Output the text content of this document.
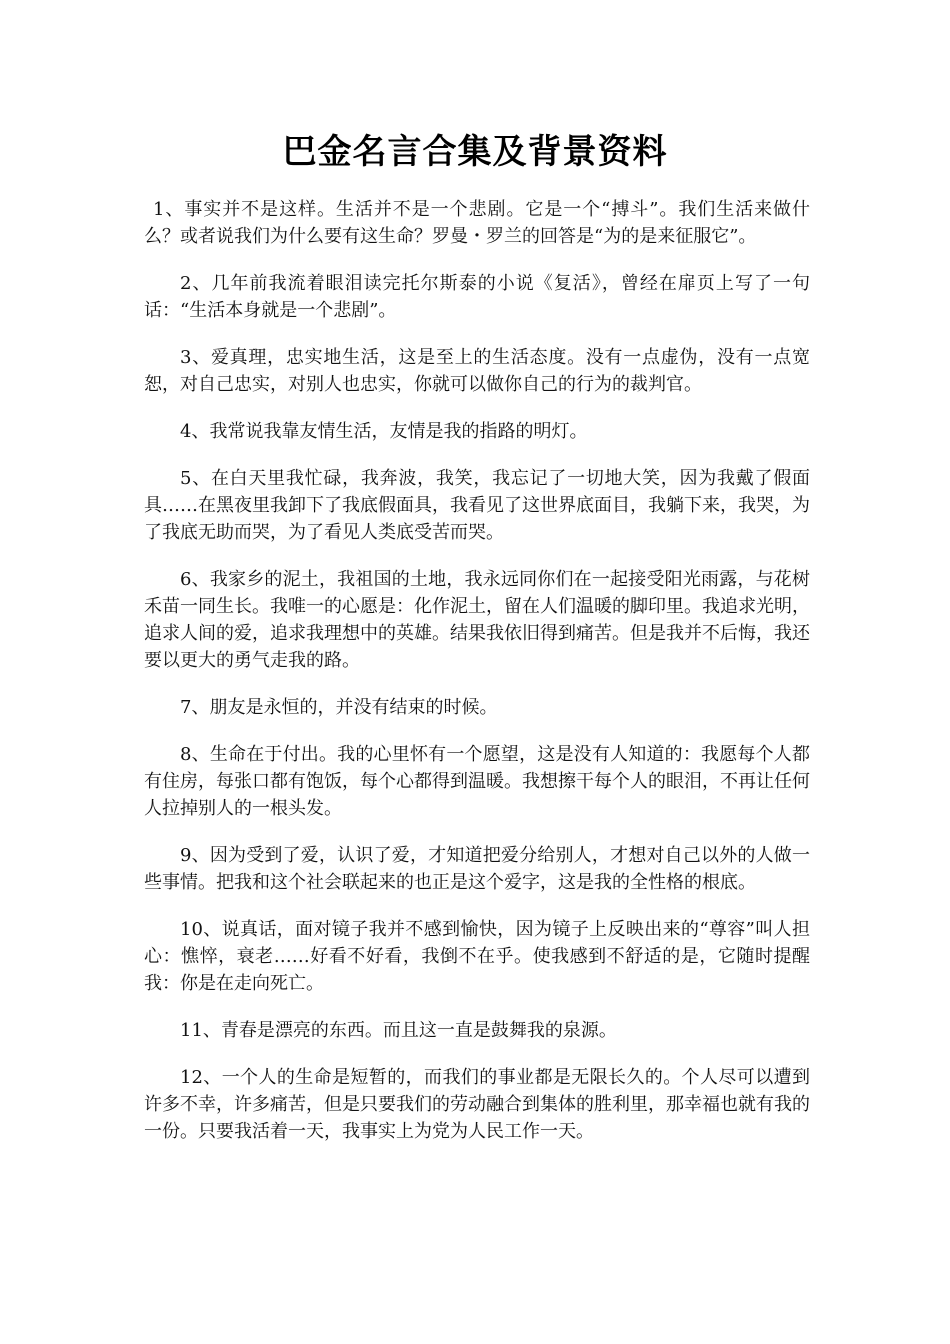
巴金名言合集及背景资料

1、事实并不是这样。生活并不是一个悲剧。它是一个“搏斗”。我们生活来做什么？或者说我们为什么要有这生命？罗曼・罗兰的回答是“为的是来征服它”。

2、几年前我流着眼泪读完托尔斯泰的小说《复活》，曾经在扉页上写了一句话：“生活本身就是一个悲剧”。

3、爱真理，忠实地生活，这是至上的生活态度。没有一点虚伪，没有一点宽恕，对自己忠实，对别人也忠实，你就可以做你自己的行为的裁判官。

4、我常说我靠友情生活，友情是我的指路的明灯。

5、在白天里我忙碌，我奔波，我笑，我忘记了一切地大笑，因为我戴了假面具……在黑夜里我卸下了我底假面具，我看见了这世界底面目，我躺下来，我哭，为了我底无助而哭，为了看见人类底受苦而哭。

6、我家乡的泥土，我祖国的土地，我永远同你们在一起接受阳光雨露，与花树禾苗一同生长。我唯一的心愿是：化作泥土，留在人们温暖的脚印里。我追求光明，追求人间的爱，追求我理想中的英雄。结果我依旧得到痛苦。但是我并不后悔，我还要以更大的勇气走我的路。

7、朋友是永恒的，并没有结束的时候。

8、生命在于付出。我的心里怀有一个愿望，这是没有人知道的：我愿每个人都有住房，每张口都有饱饭，每个心都得到温暖。我想擦干每个人的眼泪，不再让任何人拉掉别人的一根头发。

9、因为受到了爱，认识了爱，才知道把爱分给别人，才想对自己以外的人做一些事情。把我和这个社会联起来的也正是这个爱字，这是我的全性格的根底。

10、说真话，面对镜子我并不感到愉快，因为镜子上反映出来的“尊容”叫人担心：憔悴，衰老……好看不好看，我倒不在乎。使我感到不舒适的是，它随时提醒我：你是在走向死亡。

11、青春是漂亮的东西。而且这一直是鼓舞我的泉源。

12、一个人的生命是短暂的，而我们的事业都是无限长久的。个人尽可以遭到许多不幸，许多痛苦，但是只要我们的劳动融合到集体的胜利里，那幸福也就有我的一份。只要我活着一天，我事实上为党为人民工作一天。
